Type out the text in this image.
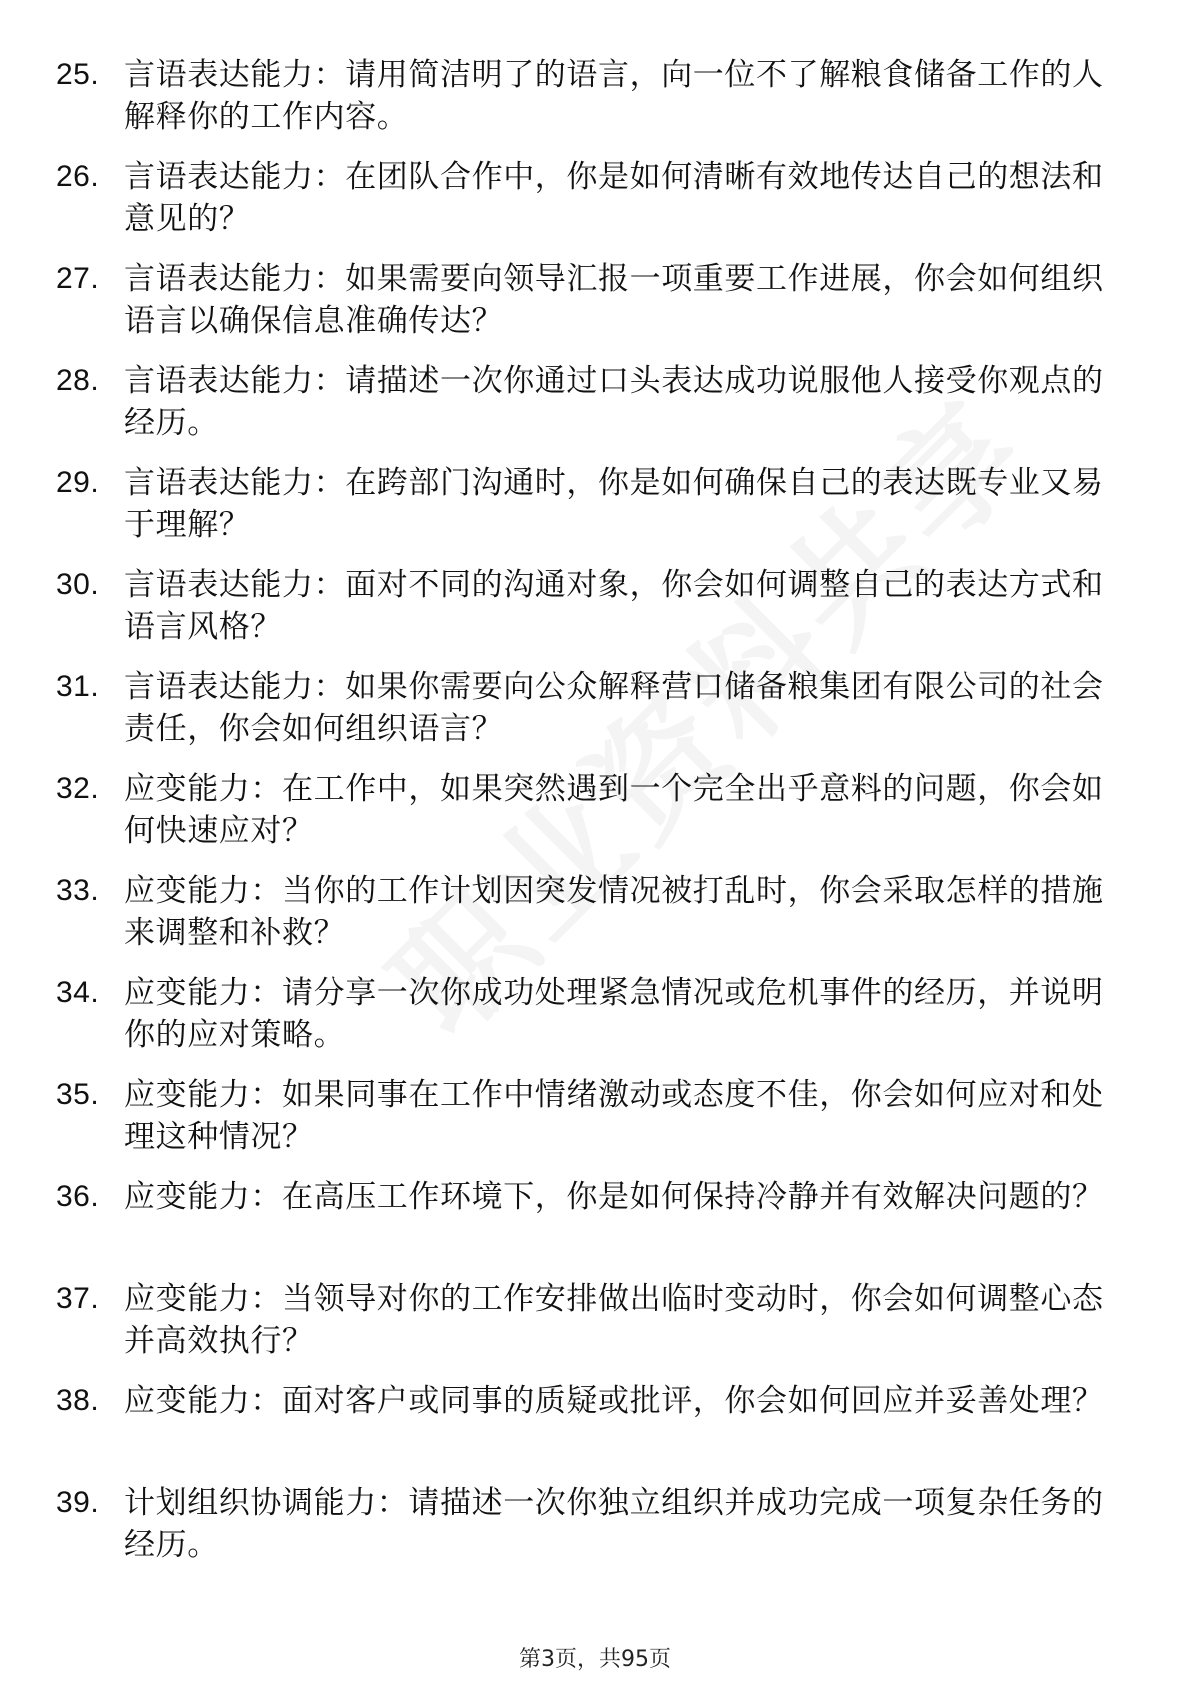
25. 言语表达能力：请用简洁明了的语言，向一位不了解粮食储备工作的人解释你的工作内容。

26. 言语表达能力：在团队合作中，你是如何清晰有效地传达自己的想法和意见的？

27. 言语表达能力：如果需要向领导汇报一项重要工作进展，你会如何组织语言以确保信息准确传达？

28. 言语表达能力：请描述一次你通过口头表达成功说服他人接受你观点的经历。

29. 言语表达能力：在跨部门沟通时，你是如何确保自己的表达既专业又易于理解？

30. 言语表达能力：面对不同的沟通对象，你会如何调整自己的表达方式和语言风格？

31. 言语表达能力：如果你需要向公众解释营口储备粮集团有限公司的社会责任，你会如何组织语言？

32. 应变能力：在工作中，如果突然遇到一个完全出乎意料的问题，你会如何快速应对？

33. 应变能力：当你的工作计划因突发情况被打乱时，你会采取怎样的措施来调整和补救？

34. 应变能力：请分享一次你成功处理紧急情况或危机事件的经历，并说明你的应对策略。

35. 应变能力：如果同事在工作中情绪激动或态度不佳，你会如何应对和处理这种情况？

36. 应变能力：在高压工作环境下，你是如何保持冷静并有效解决问题的？

37. 应变能力：当领导对你的工作安排做出临时变动时，你会如何调整心态并高效执行？

38. 应变能力：面对客户或同事的质疑或批评，你会如何回应并妥善处理？

39. 计划组织协调能力：请描述一次你独立组织并成功完成一项复杂任务的经历。

第3页，共95页
